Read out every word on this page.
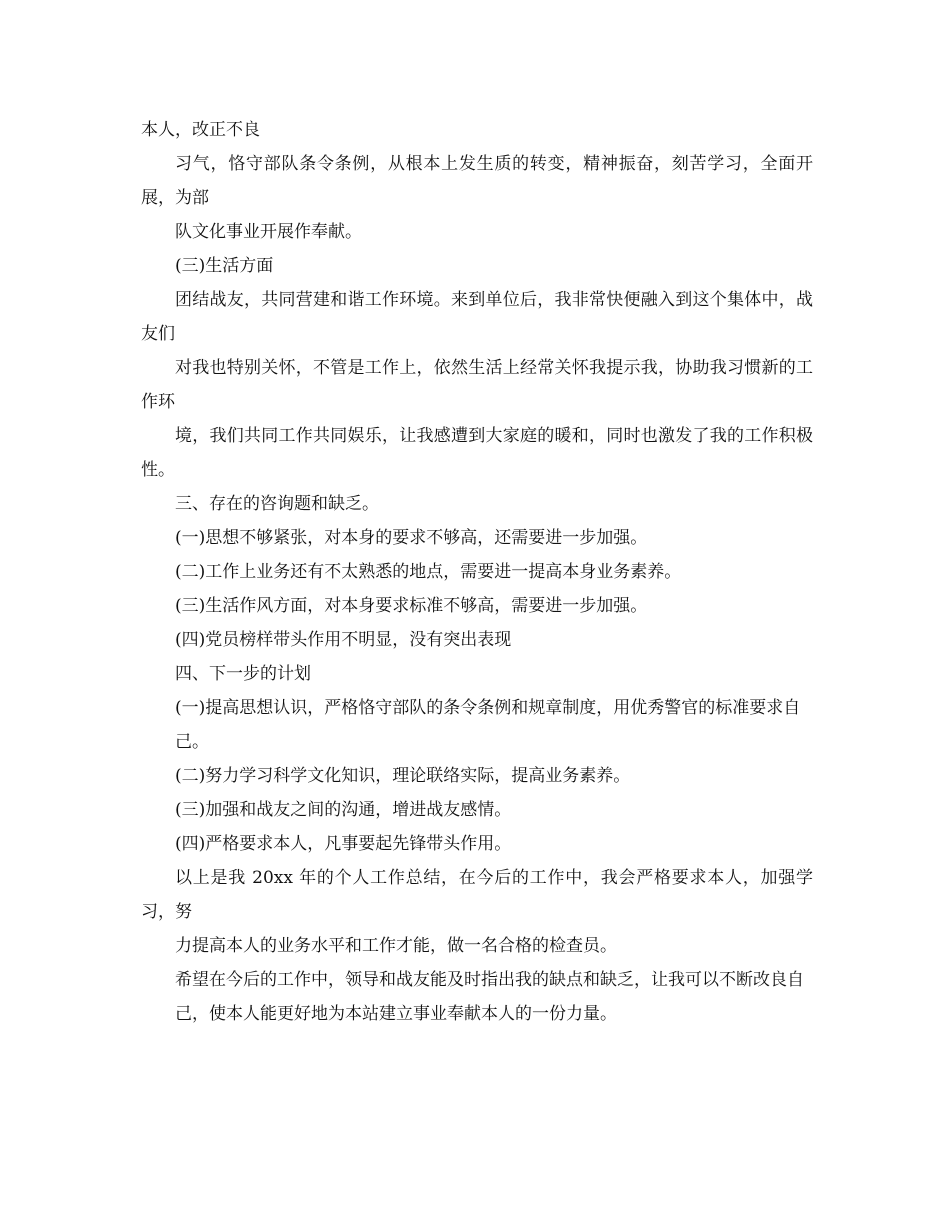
本人，改正不良

习气，恪守部队条令条例，从根本上发生质的转变，精神振奋，刻苦学习，全面开展，为部

队文化事业开展作奉献。

(三)生活方面

团结战友，共同营建和谐工作环境。来到单位后，我非常快便融入到这个集体中，战友们

对我也特别关怀，不管是工作上，依然生活上经常关怀我提示我，协助我习惯新的工作环

境，我们共同工作共同娱乐，让我感遭到大家庭的暖和，同时也激发了我的工作积极性。

三、存在的咨询题和缺乏。

(一)思想不够紧张，对本身的要求不够高，还需要进一步加强。

(二)工作上业务还有不太熟悉的地点，需要进一提高本身业务素养。

(三)生活作风方面，对本身要求标准不够高，需要进一步加强。

(四)党员榜样带头作用不明显，没有突出表现

四、下一步的计划

(一)提高思想认识，严格恪守部队的条令条例和规章制度，用优秀警官的标准要求自

己。

(二)努力学习科学文化知识，理论联络实际，提高业务素养。

(三)加强和战友之间的沟通，增进战友感情。

(四)严格要求本人，凡事要起先锋带头作用。

以上是我 20xx 年的个人工作总结，在今后的工作中，我会严格要求本人，加强学习，努

力提高本人的业务水平和工作才能，做一名合格的检查员。

希望在今后的工作中，领导和战友能及时指出我的缺点和缺乏，让我可以不断改良自

己，使本人能更好地为本站建立事业奉献本人的一份力量。
